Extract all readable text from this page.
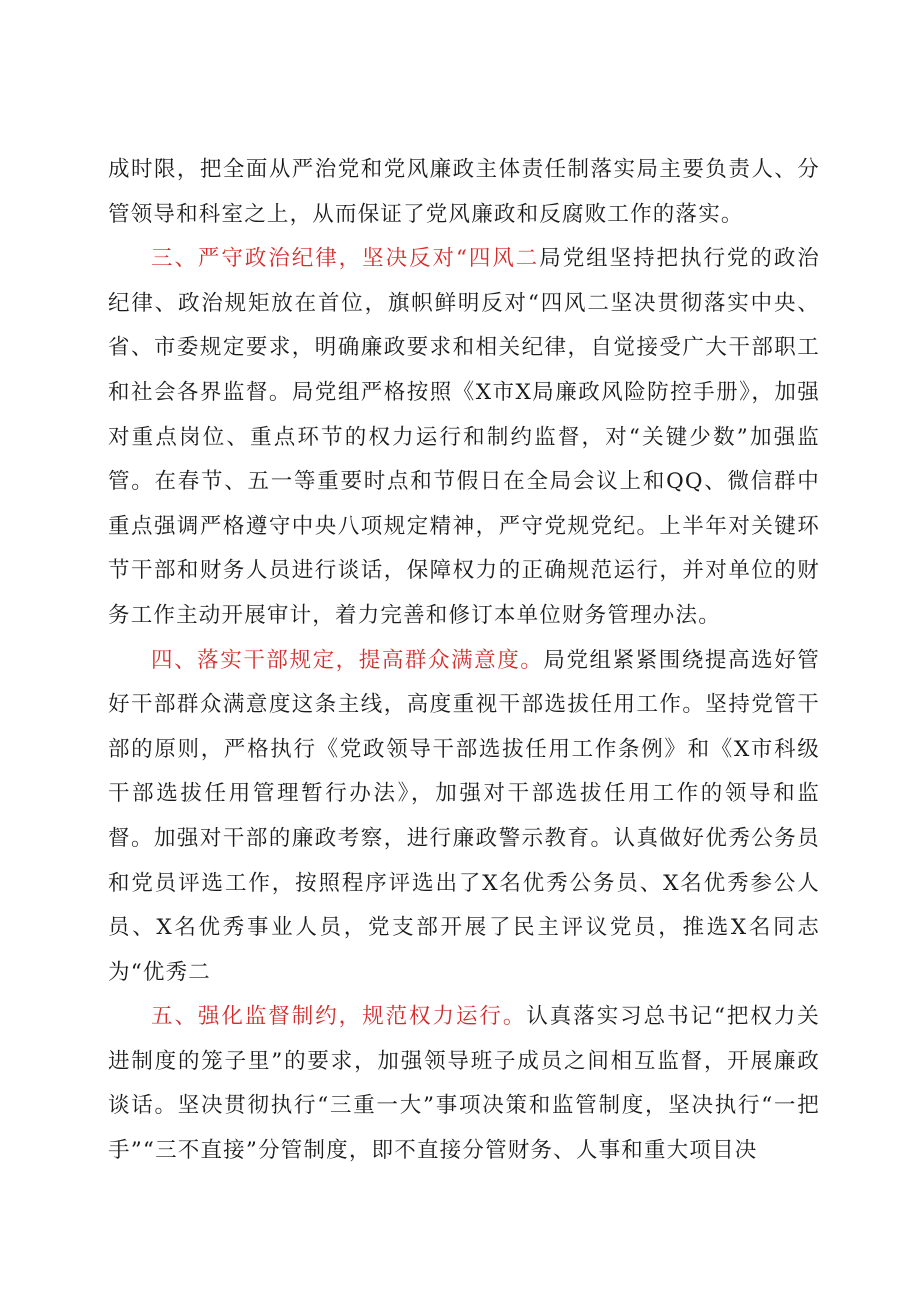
成时限，把全面从严治党和党风廉政主体责任制落实局主要负责人、分管领导和科室之上，从而保证了党风廉政和反腐败工作的落实。

三、严守政治纪律，坚决反对“四风二局党组坚持把执行党的政治纪律、政治规矩放在首位，旗帜鲜明反对“四风二坚决贯彻落实中央、省、市委规定要求，明确廉政要求和相关纪律，自觉接受广大干部职工和社会各界监督。局党组严格按照《X市X局廉政风险防控手册》，加强对重点岗位、重点环节的权力运行和制约监督，对“关键少数”加强监管。在春节、五一等重要时点和节假日在全局会议上和QQ、微信群中重点强调严格遵守中央八项规定精神，严守党规党纪。上半年对关键环节干部和财务人员进行谈话，保障权力的正确规范运行，并对单位的财务工作主动开展审计，着力完善和修订本单位财务管理办法。

四、落实干部规定，提高群众满意度。局党组紧紧围绕提高选好管好干部群众满意度这条主线，高度重视干部选拔任用工作。坚持党管干部的原则，严格执行《党政领导干部选拔任用工作条例》和《X市科级干部选拔任用管理暂行办法》，加强对干部选拔任用工作的领导和监督。加强对干部的廉政考察，进行廉政警示教育。认真做好优秀公务员和党员评选工作，按照程序评选出了X名优秀公务员、X名优秀参公人员、X名优秀事业人员，党支部开展了民主评议党员，推选X名同志为“优秀二

五、强化监督制约，规范权力运行。认真落实习总书记“把权力关进制度的笼子里”的要求，加强领导班子成员之间相互监督，开展廉政谈话。坚决贯彻执行“三重一大”事项决策和监管制度，坚决执行“一把手”“三不直接”分管制度，即不直接分管财务、人事和重大项目决
